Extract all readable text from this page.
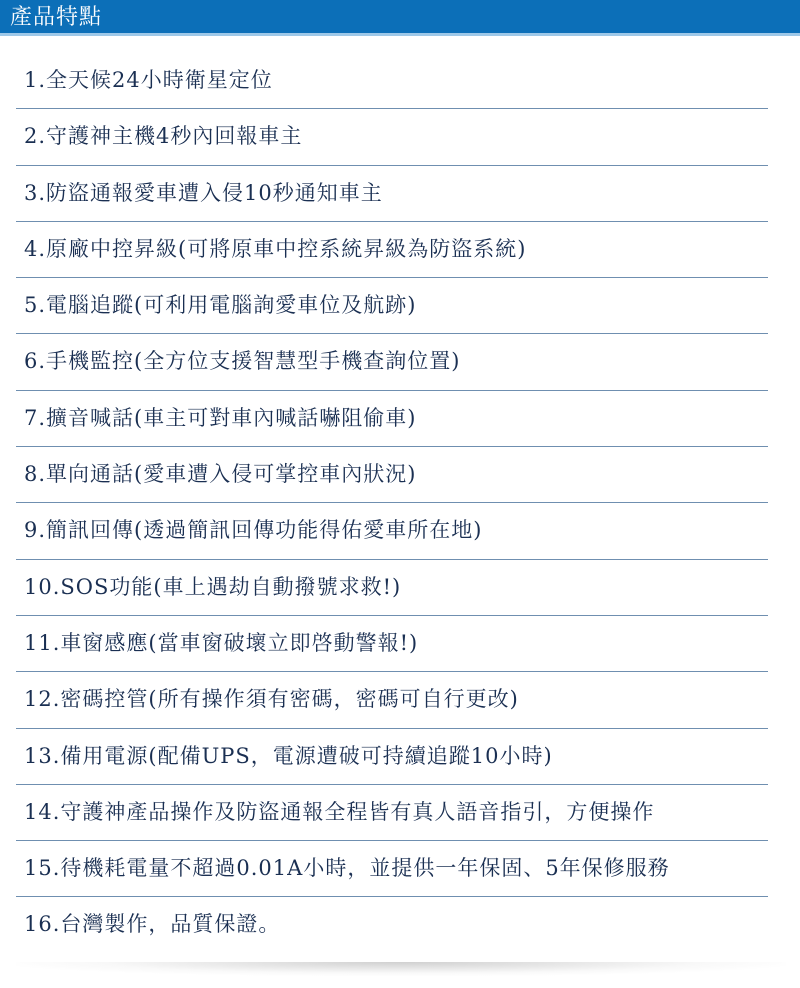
產品特點
1.全天候24小時衛星定位
2.守護神主機4秒內回報車主
3.防盜通報愛車遭入侵10秒通知車主
4.原廠中控昇級(可將原車中控系統昇級為防盜系統)
5.電腦追蹤(可利用電腦詢愛車位及航跡)
6.手機監控(全方位支援智慧型手機查詢位置)
7.擴音喊話(車主可對車內喊話嚇阻偷車)
8.單向通話(愛車遭入侵可掌控車內狀況)
9.簡訊回傳(透過簡訊回傳功能得佑愛車所在地)
10.SOS功能(車上遇劫自動撥號求救!)
11.車窗感應(當車窗破壞立即啓動警報!)
12.密碼控管(所有操作須有密碼，密碼可自行更改)
13.備用電源(配備UPS，電源遭破可持續追蹤10小時)
14.守護神產品操作及防盜通報全程皆有真人語音指引，方便操作
15.待機耗電量不超過0.01A小時，並提供一年保固、5年保修服務
16.台灣製作，品質保證。
